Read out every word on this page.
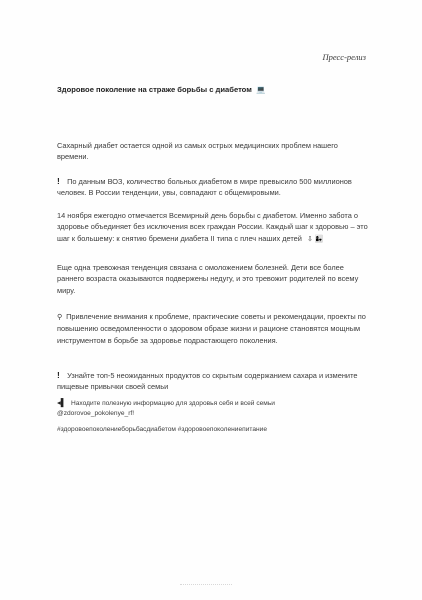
Пресс-релиз
Здоровое поколение на страже борьбы с диабетом 💻
Сахарный диабет остается одной из самых острых медицинских проблем нашего времени.
! По данным ВОЗ, количество больных диабетом в мире превысило 500 миллионов человек. В России тенденции, увы, совпадают с общемировыми.
14 ноября ежегодно отмечается Всемирный день борьбы с диабетом. Именно забота о здоровье объединяет без исключения всех граждан России. Каждый шаг к здоровью – это шаг к большему: к снятию бремени диабета II типа с плеч наших детей ⇩ 👩‍👧
Еще одна тревожная тенденция связана с омоложением болезней. Дети все более раннего возраста оказываются подвержены недугу, и это тревожит родителей по всему миру.
⚲ Привлечение внимания к проблеме, практические советы и рекомендации, проекты по повышению осведомленности о здоровом образе жизни и рационе становятся мощным инструментом в борьбе за здоровье подрастающего поколения.
! Узнайте топ-5 неожиданных продуктов со скрытым содержанием сахара и измените пищевые привычки своей семьи
◂▌ Находите полезную информацию для здоровья себя и всей семьи
@zdorovoe_pokolenye_rf!
#здоровоепоколениеборьбасдиабетом #здоровоепоколениепитание
